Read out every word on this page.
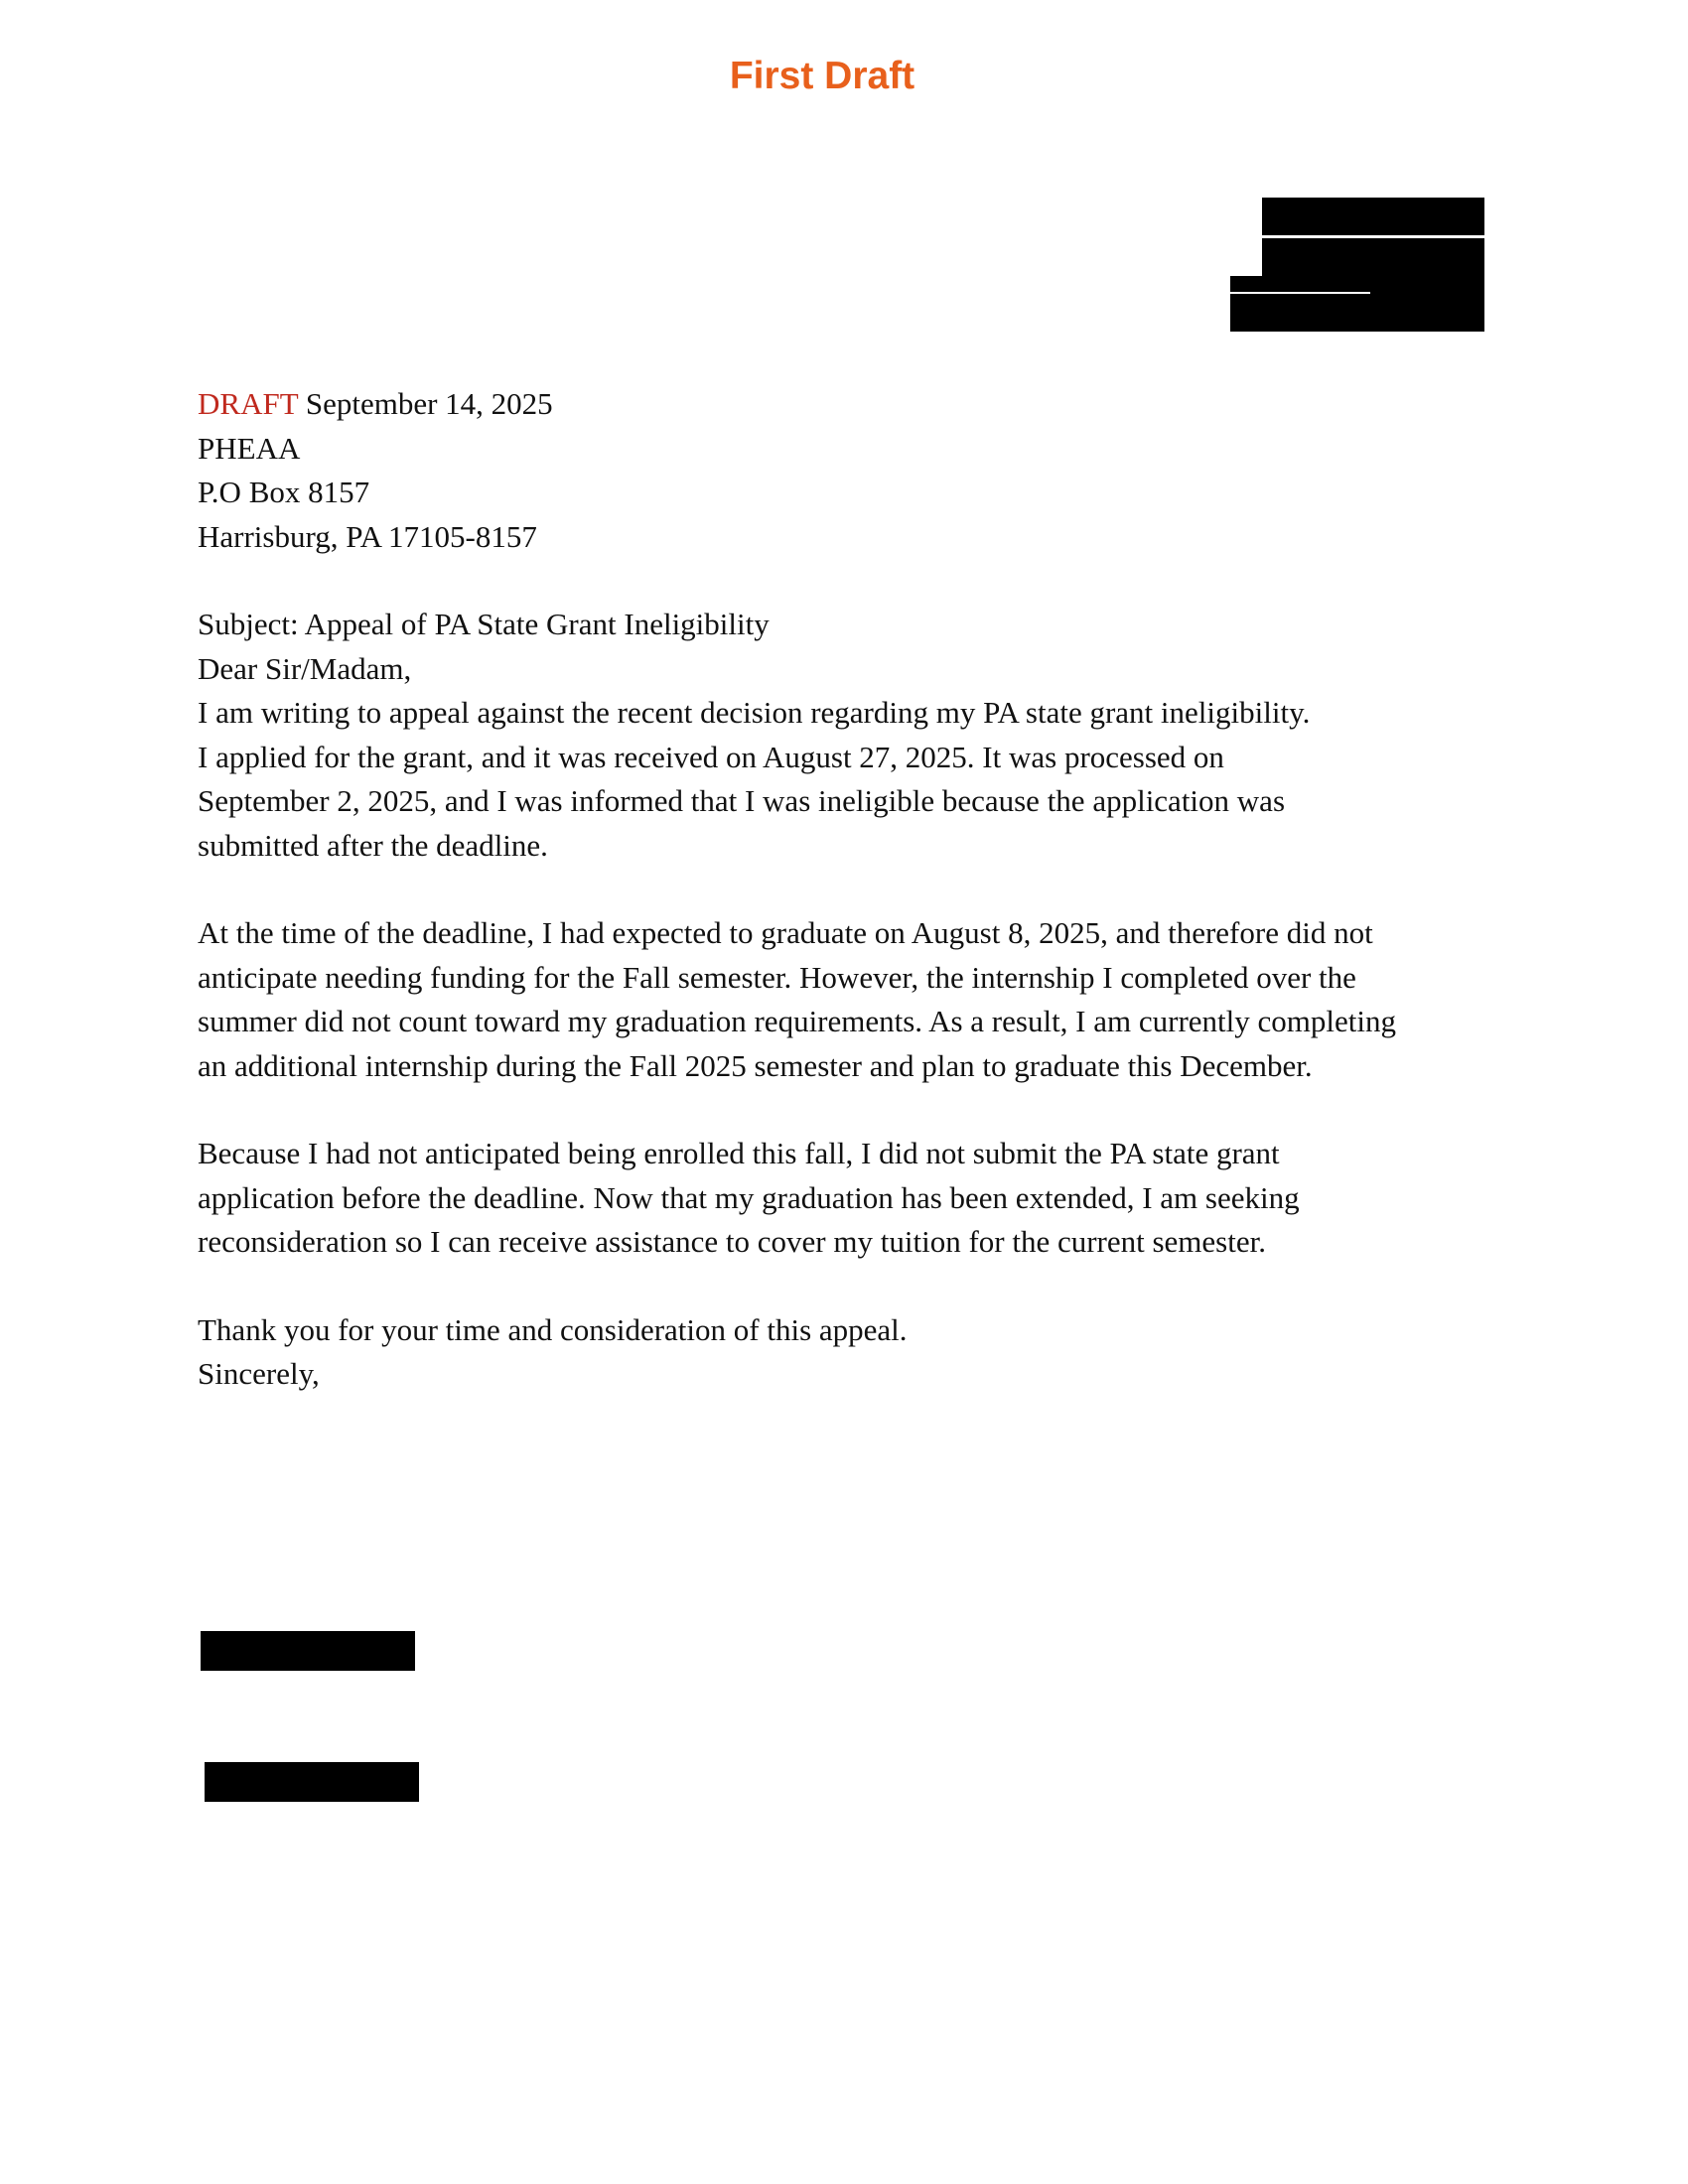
First Draft

DRAFT September 14, 2025

PHEAA

P.O Box 8157

Harrisburg, PA 17105-8157

Subject: Appeal of PA State Grant Ineligibility

Dear Sir/Madam,

I am writing to appeal against the recent decision regarding my PA state grant ineligibility.

I applied for the grant, and it was received on August 27, 2025. It was processed on

September 2, 2025, and I was informed that I was ineligible because the application was

submitted after the deadline.

At the time of the deadline, I had expected to graduate on August 8, 2025, and therefore did not

anticipate needing funding for the Fall semester. However, the internship I completed over the

summer did not count toward my graduation requirements. As a result, I am currently completing

an additional internship during the Fall 2025 semester and plan to graduate this December.

Because I had not anticipated being enrolled this fall, I did not submit the PA state grant

application before the deadline. Now that my graduation has been extended, I am seeking

reconsideration so I can receive assistance to cover my tuition for the current semester.

Thank you for your time and consideration of this appeal.

Sincerely,
